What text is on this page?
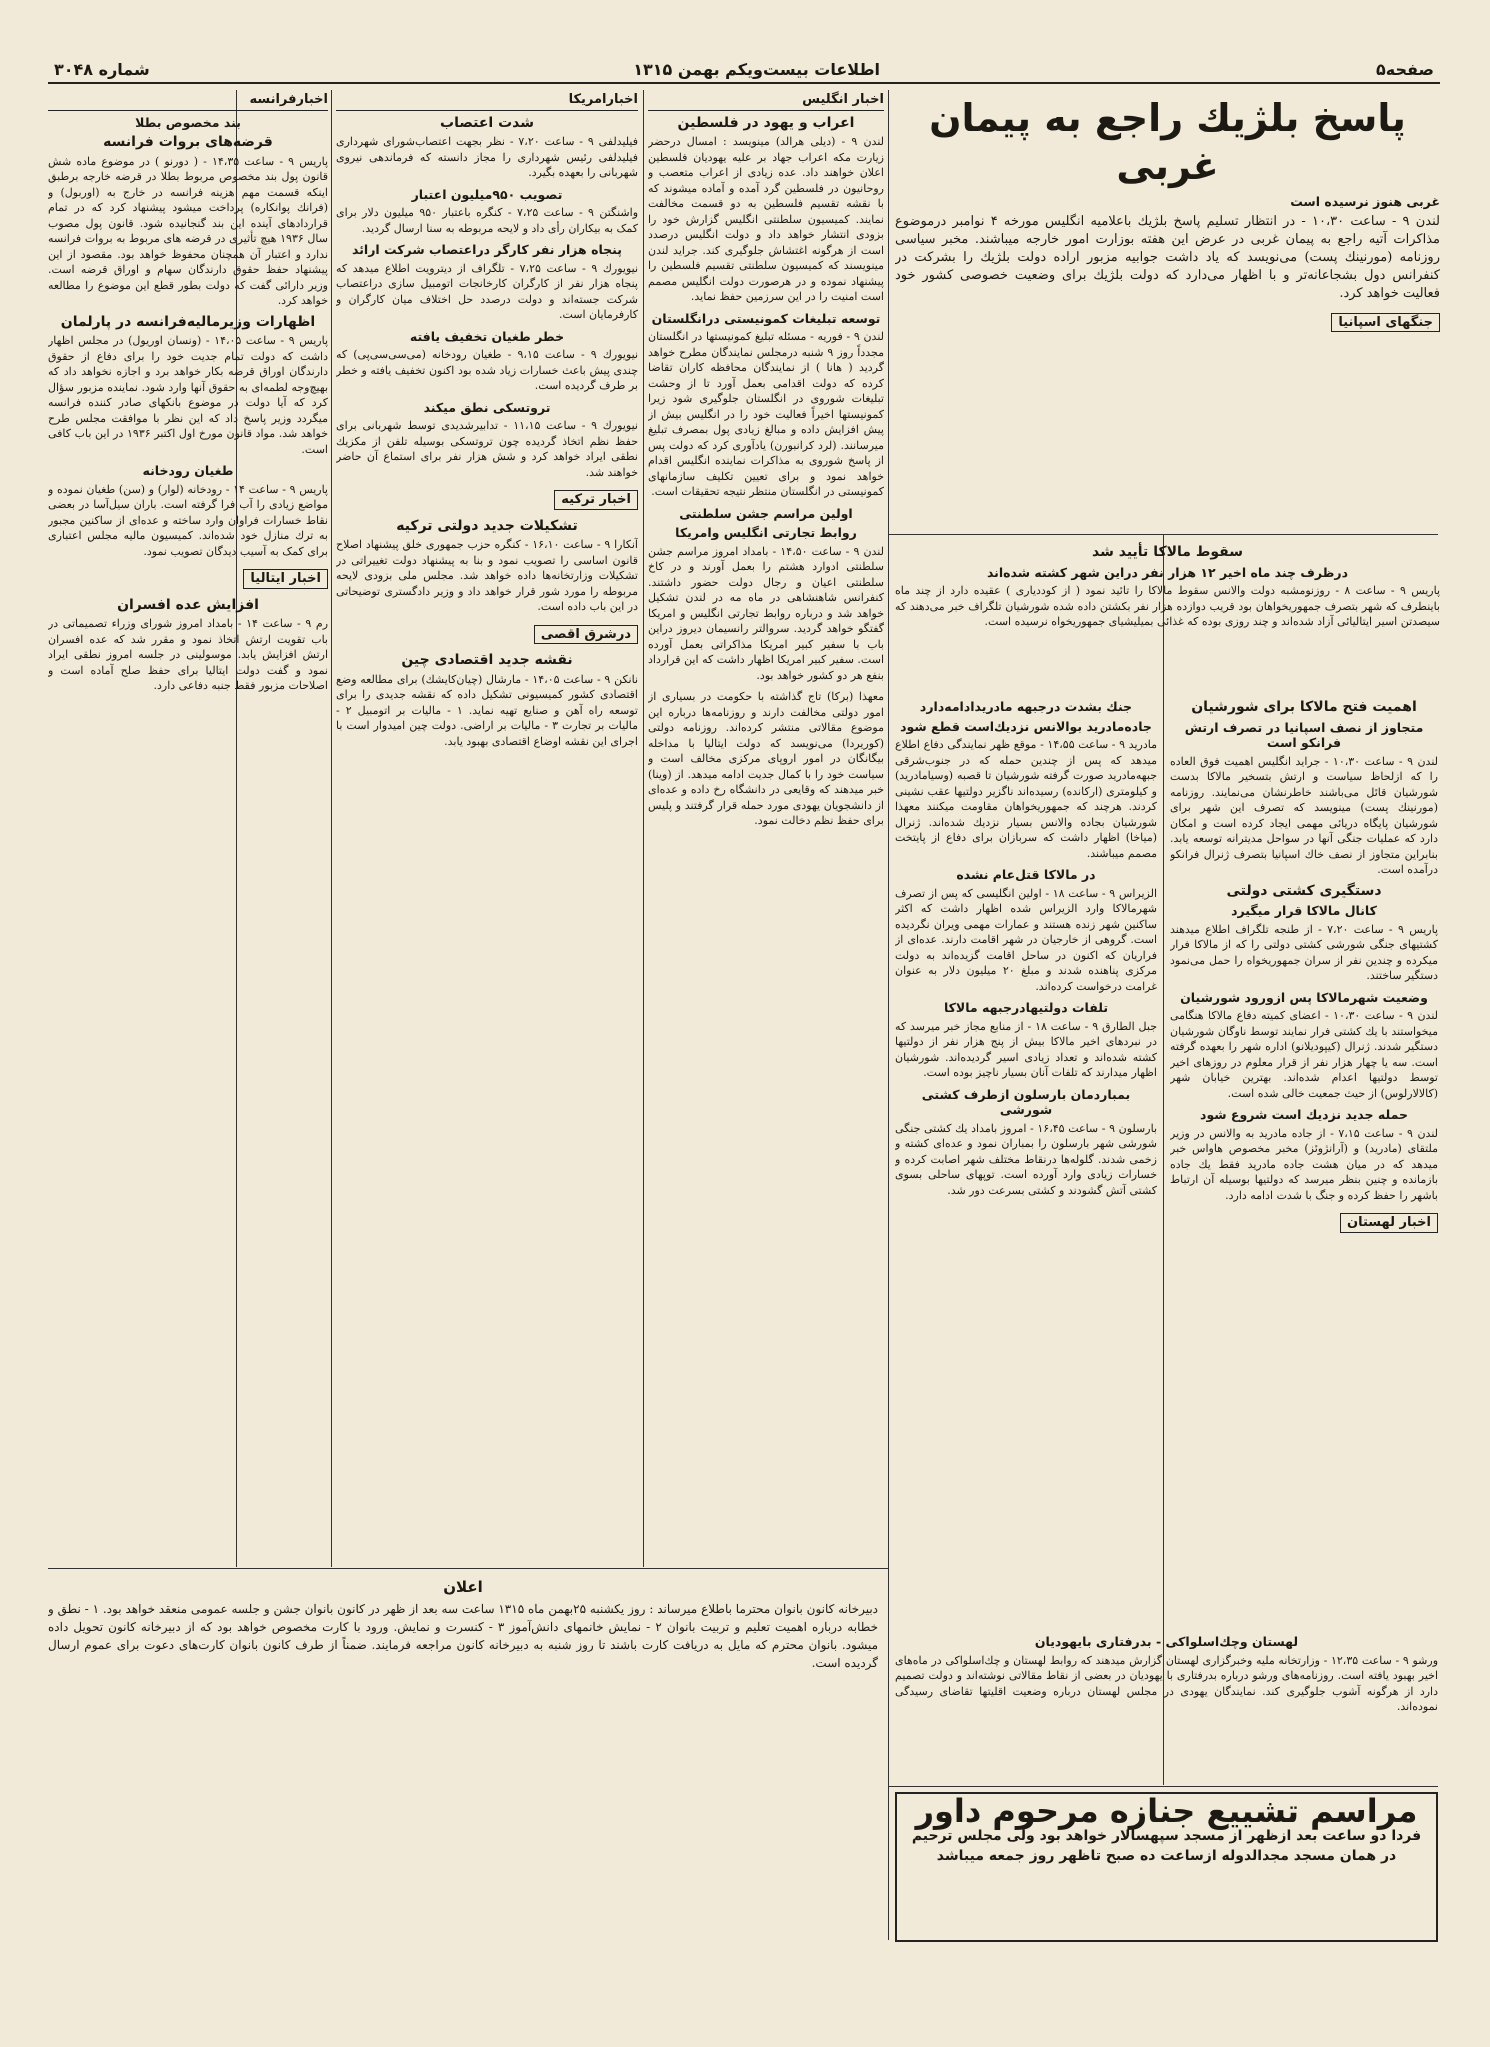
صفحه۵
اطلاعات بیست‌ویکم بهمن ۱۳۱۵
شماره ۳۰۴۸
پاسخ بلژیك راجع به پیمان غربی
غربی هنوز نرسیده است

لندن ۹ - ساعت ۱۰،۳۰ - در انتظار تسلیم پاسخ بلژیك باعلامیه انگلیس مورخه ۴ نوامبر درموضوع مذاکرات آتیه راجع به پیمان غربی در عرض این هفته بوزارت امور خارجه میباشند. مخبر سیاسی روزنامه (مورنینك پست) می‌نویسد که یاد داشت جوابیه مزبور اراده دولت بلژیك را بشرکت در کنفرانس دول بشجاعانه‌تر و با اظهار می‌دارد که دولت بلژیك برای وضعیت خصوصی کشور خود فعالیت خواهد کرد.

جنگهای اسپانیا
سقوط مالاکا تأیید شد
درظرف چند ماه اخیر ۱۲ هزار نفر دراین شهر کشته شده‌اند

پاریس ۹ - ساعت ۸ - روزنومشبه دولت والانس سقوط مالاکا را تائید نمود ( از کوددیاری ) عقیده دارد از چند ماه باینطرف که شهر بتصرف جمهوریخواهان بود قریب دوازده هزار نفر بکشتن داده شده شورشیان تلگراف خبر می‌دهند که سیصدتن اسیر ایتالیائی آزاد شده‌اند و چند روزی بوده که غذائی بمیلیشیای جمهوریخواه نرسیده است.

اهمیت فتح مالاکا برای شورشیان
متجاوز از نصف اسپانیا در تصرف ارتش فرانکو است

لندن ۹ - ساعت ۱۰،۳۰ - جراید انگلیس اهمیت فوق العاده را که ازلحاظ سیاست و ارتش بتسخیر مالاکا بدست شورشیان قائل می‌باشند خاطرنشان می‌نمایند. روزنامه (مورنینك پست) مینویسد که تصرف این شهر برای شورشیان پایگاه دریائی مهمی ایجاد کرده است و امکان دارد که عملیات جنگی آنها در سواحل مدیترانه توسعه یابد. بنابراین متجاوز از نصف خاك اسپانیا بتصرف ژنرال فرانکو درآمده است.

دستگیری کشتی دولتی
کانال مالاکا قرار میگیرد

پاریس ۹ - ساعت ۷،۲۰ - از طنجه تلگراف اطلاع میدهند کشتیهای جنگی شورشی کشتی دولتی را که از مالاکا فرار میکرده و چندین نفر از سران جمهوریخواه را حمل می‌نمود دستگیر ساختند.

وضعیت شهرمالاکا پس ازورود شورشیان

لندن ۹ - ساعت ۱۰،۳۰ - اعضای کمیته دفاع مالاکا هنگامی میخواستند با یك کشتی فرار نمایند توسط ناوگان شورشیان دستگیر شدند. ژنرال (کیپودیلانو) اداره شهر را بعهده گرفته است. سه یا چهار هزار نفر از قرار معلوم در روزهای اخیر توسط دولتیها اعدام شده‌اند. بهترین خیابان شهر (کالالارلوس) از حیث جمعیت خالی شده است.

حمله جدید نزدیك است شروع شود

لندن ۹ - ساعت ۷،۱۵ - از جاده مادرید به والانس در وزیر ملتقای (مادرید) و (آرانژوئز) مخبر مخصوص هاواس خبر میدهد که در میان هشت جاده مادرید فقط یك جاده بازمانده و چنین بنظر میرسد که دولتیها بوسیله آن ارتباط باشهر را حفظ کرده و جنگ با شدت ادامه دارد.

اخبار لهستان
جنك بشدت درجبهه مادریدادامه‌دارد
جاده‌مادرید بوالانس نزدیك‌است قطع شود

مادرید ۹ - ساعت ۱۴،۵۵ - موقع ظهر نمایندگی دفاع اطلاع میدهد که پس از چندین حمله که در جنوب‌شرقی جبهه‌مادرید صورت گرفته شورشیان تا قصبه (وسیامادرید) و کیلومتری (ارکانده) رسیده‌اند ناگزیر دولتیها عقب نشینی کردند. هرچند که جمهوریخواهان مقاومت میکنند معهذا شورشیان بجاده والانس بسیار نزدیك شده‌اند. ژنرال (میاخا) اظهار داشت که سربازان برای دفاع از پایتخت مصمم میباشند.

در مالاکا قتل‌عام نشده

الزیراس ۹ - ساعت ۱۸ - اولین انگلیسی که پس از تصرف شهرمالاکا وارد الزیراس شده اظهار داشت که اکثر ساکنین شهر زنده هستند و عمارات مهمی ویران نگردیده است. گروهی از خارجیان در شهر اقامت دارند. عده‌ای از فراریان که اکنون در ساحل اقامت گزیده‌اند به دولت مرکزی پناهنده شدند و مبلغ ۲۰ میلیون دلار به عنوان غرامت درخواست کرده‌اند.

تلفات دولتیهادرجبهه مالاکا

جبل الطارق ۹ - ساعت ۱۸ - از منابع مجاز خبر میرسد که در نبردهای اخیر مالاکا بیش از پنج هزار نفر از دولتیها کشته شده‌اند و تعداد زیادی اسیر گردیده‌اند. شورشیان اظهار میدارند که تلفات آنان بسیار ناچیز بوده است.

بمباردمان بارسلون ازطرف کشتی شورشی

بارسلون ۹ - ساعت ۱۶،۴۵ - امروز بامداد یك کشتی جنگی شورشی شهر بارسلون را بمباران نمود و عده‌ای کشته و زخمی شدند. گلوله‌ها درنقاط مختلف شهر اصابت کرده و خسارات زیادی وارد آورده است. توپهای ساحلی بسوی کشتی آتش گشودند و کشتی بسرعت دور شد.

لهستان وچك‌اسلواکی - بدرفتاری بایهودیان

ورشو ۹ - ساعت ۱۲،۳۵ - وزارتخانه ملیه وخبرگزاری لهستان گزارش میدهند که روابط لهستان و چك‌اسلواکی در ماه‌های اخیر بهبود یافته است. روزنامه‌های ورشو درباره بدرفتاری با یهودیان در بعضی از نقاط مقالاتی نوشته‌اند و دولت تصمیم دارد از هرگونه آشوب جلوگیری کند. نمایندگان یهودی در مجلس لهستان درباره وضعیت اقلیتها تقاضای رسیدگی نموده‌اند.

مراسم تشییع جنازه مرحوم داور
فردا دو ساعت بعد ازظهر از مسجد سپهسالار خواهد بود ولی مجلس ترحیم
در همان مسجد مجدالدوله ازساعت ده صبح تاظهر روز جمعه میباشد
اخبار انگلیس
اعراب و یهود در فلسطین

لندن ۹ - (دیلی هرالد) مینویسد : امسال درحضر زیارت مکه اعراب جهاد بر علیه یهودیان فلسطین اعلان خواهند داد. عده زیادی از اعراب متعصب و روحانیون در فلسطین گرد آمده و آماده میشوند که با نقشه تقسیم فلسطین به دو قسمت مخالفت نمایند. کمیسیون سلطنتی انگلیس گزارش خود را بزودی انتشار خواهد داد و دولت انگلیس درصدد است از هرگونه اغتشاش جلوگیری کند. جراید لندن مینویسند که کمیسیون سلطنتی تقسیم فلسطین را پیشنهاد نموده و در هرصورت دولت انگلیس مصمم است امنیت را در این سرزمین حفظ نماید.

توسعه تبلیغات کمونیستی درانگلستان

لندن ۹ - فوریه - مسئله تبلیغ کمونیستها در انگلستان مجدداً روز ۹ شنبه درمجلس نمایندگان مطرح خواهد گردید ( هانا ) از نمایندگان محافظه کاران تقاضا کرده که دولت اقدامی بعمل آورد تا از وحشت تبلیغات شوروی در انگلستان جلوگیری شود زیرا کمونیستها اخیراً فعالیت خود را در انگلیس بیش از پیش افزایش داده و مبالغ زیادی پول بمصرف تبلیغ میرسانند. (لرد کرانبورن) یادآوری کرد که دولت پس از پاسخ شوروی به مذاکرات نماینده انگلیس اقدام خواهد نمود و برای تعیین تکلیف سازمانهای کمونیستی در انگلستان منتظر نتیجه تحقیقات است.

اولین مراسم جشن سلطنتی
روابط تجارتی انگلیس وامریکا

لندن ۹ - ساعت ۱۴،۵۰ - بامداد امروز مراسم جشن سلطنتی ادوارد هشتم را بعمل آورند و در کاخ سلطنتی اعیان و رجال دولت حضور داشتند. کنفرانس شاهنشاهی در ماه مه در لندن تشکیل خواهد شد و درباره روابط تجارتی انگلیس و امریکا گفتگو خواهد گردید. سروالتر رانسیمان دیروز دراین باب با سفیر کبیر امریکا مذاکراتی بعمل آورده است. سفیر کبیر امریکا اظهار داشت که این قرارداد بنفع هر دو کشور خواهد بود.

معهذا (برکا) تاج گذاشته با حکومت در بسیاری از امور دولتی مخالفت دارند و روزنامه‌ها درباره این موضوع مقالاتی منتشر کرده‌اند. روزنامه دولتی (کوریردا) می‌نویسد که دولت ایتالیا با مداخله بیگانگان در امور اروپای مرکزی مخالف است و سیاست خود را با کمال جدیت ادامه میدهد. از (وینا) خبر میدهند که وقایعی در دانشگاه رخ داده و عده‌ای از دانشجویان یهودی مورد حمله قرار گرفتند و پلیس برای حفظ نظم دخالت نمود.

اخبارامریکا
شدت اعتصاب

فیلیدلفی ۹ - ساعت ۷،۲۰ - نظر بجهت اعتصاب‌شورای شهرداری فیلیدلفی رئیس شهرداری را مجاز دانسته که فرماندهی نیروی شهربانی را بعهده بگیرد.

تصویب ۹۵۰میلیون اعتبار

واشنگتن ۹ - ساعت ۷،۲۵ - کنگره باعتبار ۹۵۰ میلیون دلار برای کمک به بیکاران رأی داد و لایحه مربوطه به سنا ارسال گردید.

پنجاه هزار نفر کارگر دراعتصاب شرکت ارائد

نیویورك ۹ - ساعت ۷،۲۵ - تلگراف از دیترویت اطلاع میدهد که پنجاه هزار نفر از کارگران کارخانجات اتومبیل سازی دراعتصاب شرکت جسته‌اند و دولت درصدد حل اختلاف میان کارگران و کارفرمایان است.

خطر طغیان تخفیف یافته

نیویورك ۹ - ساعت ۹،۱۵ - طغیان رودخانه (می‌سی‌سی‌پی) که چندی پیش باعث خسارات زیاد شده بود اکنون تخفیف یافته و خطر بر طرف گردیده است.

تروتسکی نطق میکند

نیویورك ۹ - ساعت ۱۱،۱۵ - تدابیرشدیدی توسط شهربانی برای حفظ نظم اتخاذ گردیده چون تروتسکی بوسیله تلفن از مکزیك نطقی ایراد خواهد کرد و شش هزار نفر برای استماع آن حاضر خواهند شد.

اخبار ترکیه
تشکیلات جدید دولتی ترکیه

آنکارا ۹ - ساعت ۱۶،۱۰ - کنگره حزب جمهوری خلق پیشنهاد اصلاح قانون اساسی را تصویب نمود و بنا به پیشنهاد دولت تغییراتی در تشکیلات وزارتخانه‌ها داده خواهد شد. مجلس ملی بزودی لایحه مربوطه را مورد شور قرار خواهد داد و وزیر دادگستری توضیحاتی در این باب داده است.

درشرق اقصی
نقشه جدید اقتصادی چین

نانکن ۹ - ساعت ۱۴،۰۵ - مارشال (چیان‌کایشك) برای مطالعه وضع اقتصادی کشور کمیسیونی تشکیل داده که نقشه جدیدی را برای توسعه راه آهن و صنایع تهیه نماید. ۱ - مالیات بر اتومبیل ۲ - مالیات بر تجارت ۳ - مالیات بر اراضی. دولت چین امیدوار است با اجرای این نقشه اوضاع اقتصادی بهبود یابد.

اخبارفرانسه
بند مخصوص بطلا
قرضه‌های بروات فرانسه

پاریس ۹ - ساعت ۱۴،۳۵ - ( دورنو ) در موضوع ماده شش قانون پول بند مخصوص مربوط بطلا در قرضه خارجه برطبق اینکه قسمت مهم هزینه فرانسه در خارج به (اوربول) و (فرانك پوانکاره) پرداخت میشود پیشنهاد کرد که در تمام قراردادهای آینده این بند گنجانیده شود. قانون پول مصوب سال ۱۹۳۶ هیچ تأثیری در قرضه های مربوط به بروات فرانسه ندارد و اعتبار آن همچنان محفوظ خواهد بود. مقصود از این پیشنهاد حفظ حقوق دارندگان سهام و اوراق قرضه است. وزیر دارائی گفت که دولت بطور قطع این موضوع را مطالعه خواهد کرد.

اظهارات وزیرمالیه‌فرانسه در پارلمان

پاریس ۹ - ساعت ۱۴،۰۵ - (ونسان اوریول) در مجلس اظهار داشت که دولت تمام جدیت خود را برای دفاع از حقوق دارندگان اوراق قرضه بکار خواهد برد و اجازه نخواهد داد که بهیچ‌وجه لطمه‌ای به حقوق آنها وارد شود. نماینده مزبور سؤال کرد که آیا دولت در موضوع بانکهای صادر کننده فرانسه میگردد وزیر پاسخ داد که این نظر با موافقت مجلس طرح خواهد شد. مواد قانون مورخ اول اکتبر ۱۹۳۶ در این باب کافی است.

طغیان رودخانه

پاریس ۹ - ساعت ۱۴ - رودخانه (لوار) و (سن) طغیان نموده و مواضع زیادی را آب فرا گرفته است. باران سیل‌آسا در بعضی نقاط خسارات فراوان وارد ساخته و عده‌ای از ساکنین مجبور به ترك منازل خود شده‌اند. کمیسیون مالیه مجلس اعتباری برای کمک به آسیب دیدگان تصویب نمود.

اخبار ایتالیا
افزایش عده افسران

رم ۹ - ساعت ۱۴ - بامداد امروز شورای وزراء تصمیماتی در باب تقویت ارتش اتخاذ نمود و مقرر شد که عده افسران ارتش افزایش یابد. موسولینی در جلسه امروز نطقی ایراد نمود و گفت دولت ایتالیا برای حفظ صلح آماده است و اصلاحات مزبور فقط جنبه دفاعی دارد.

اعلان

دبیرخانه کانون بانوان محترما باطلاع میرساند : روز یکشنبه ۲۵بهمن ماه ۱۳۱۵ ساعت سه بعد از ظهر در کانون بانوان جشن و جلسه عمومی منعقد خواهد بود. ۱ - نطق و خطابه درباره اهمیت تعلیم و تربیت بانوان ۲ - نمایش خانمهای دانش‌آموز ۳ - کنسرت و نمایش. ورود با کارت مخصوص خواهد بود که از دبیرخانه کانون تحویل داده میشود. بانوان محترم که مایل به دریافت کارت باشند تا روز شنبه به دبیرخانه کانون مراجعه فرمایند. ضمناً از طرف کانون بانوان کارت‌های دعوت برای عموم ارسال گردیده است.
